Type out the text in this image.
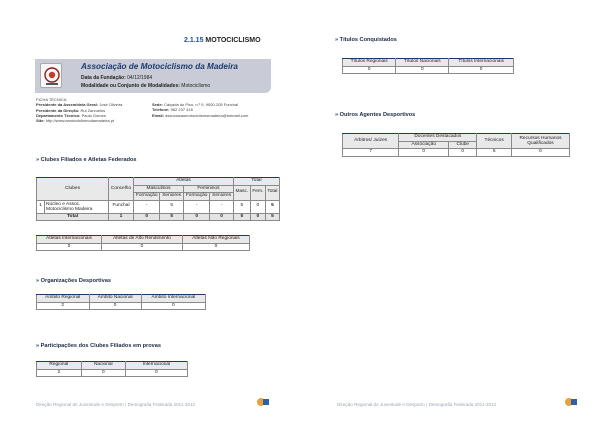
2.1.15 MOTOCICLISMO
Associação de Motociclismo da Madeira
Data da Fundação: 04/12/1984
Modalidade ou Conjunto de Modalidades: Motociclismo
FICHA TÉCNICA
Presidente da Assembleia Geral: José Oliveira
Presidente da Direção: Rui Zarzuelos
Departamento Técnico: Paulo Gomes
Site: http://www.amotociclismodamadeira.pt
Sede: Calçada do Pico, n.º 9, 9000-205 Funchal
Telefone: 962 237 416
Email: associacaomotociclismomadeira@hotmail.com
» Clubes Filiados e Atletas Federados
Clubes		Concelho	Atletas				Total		
			Masculinos		Femininos		Masc.	Fem.	Total
			Formação	Seniores	Formação	Seniores			
1	Núcleo e Assoc. Motociclismo Madeira	Funchal	-	5	-	-	5	0	5
Total		1	0	5	0	0	5	0	5
Atletas Internacionais	Atletas de Alto Rendimento	Atletas Não Regionais
0	0	0
» Organizações Desportivas
Âmbito Regional	Âmbito Nacional	Âmbito Internacional
2	0	0
» Participações dos Clubes Filiados em provas
Regional	Nacional	Internacional
2	0	0
Direção Regional de Juventude e Desporto | Demografia Federada 2011-2012
» Títulos Conquistados
Títulos Regionais	Títulos Nacionais	Títulos Internacionais
0	0	0
» Outros Agentes Desportivos
Árbitros/ Juízes	Docentes Destacados		Técnicos	Recursos Humanos Qualificados
	Associação	Clube		
7	0	0	5	0
Direção Regional de Juventude e Desporto | Demografia Federada 2011-2012
